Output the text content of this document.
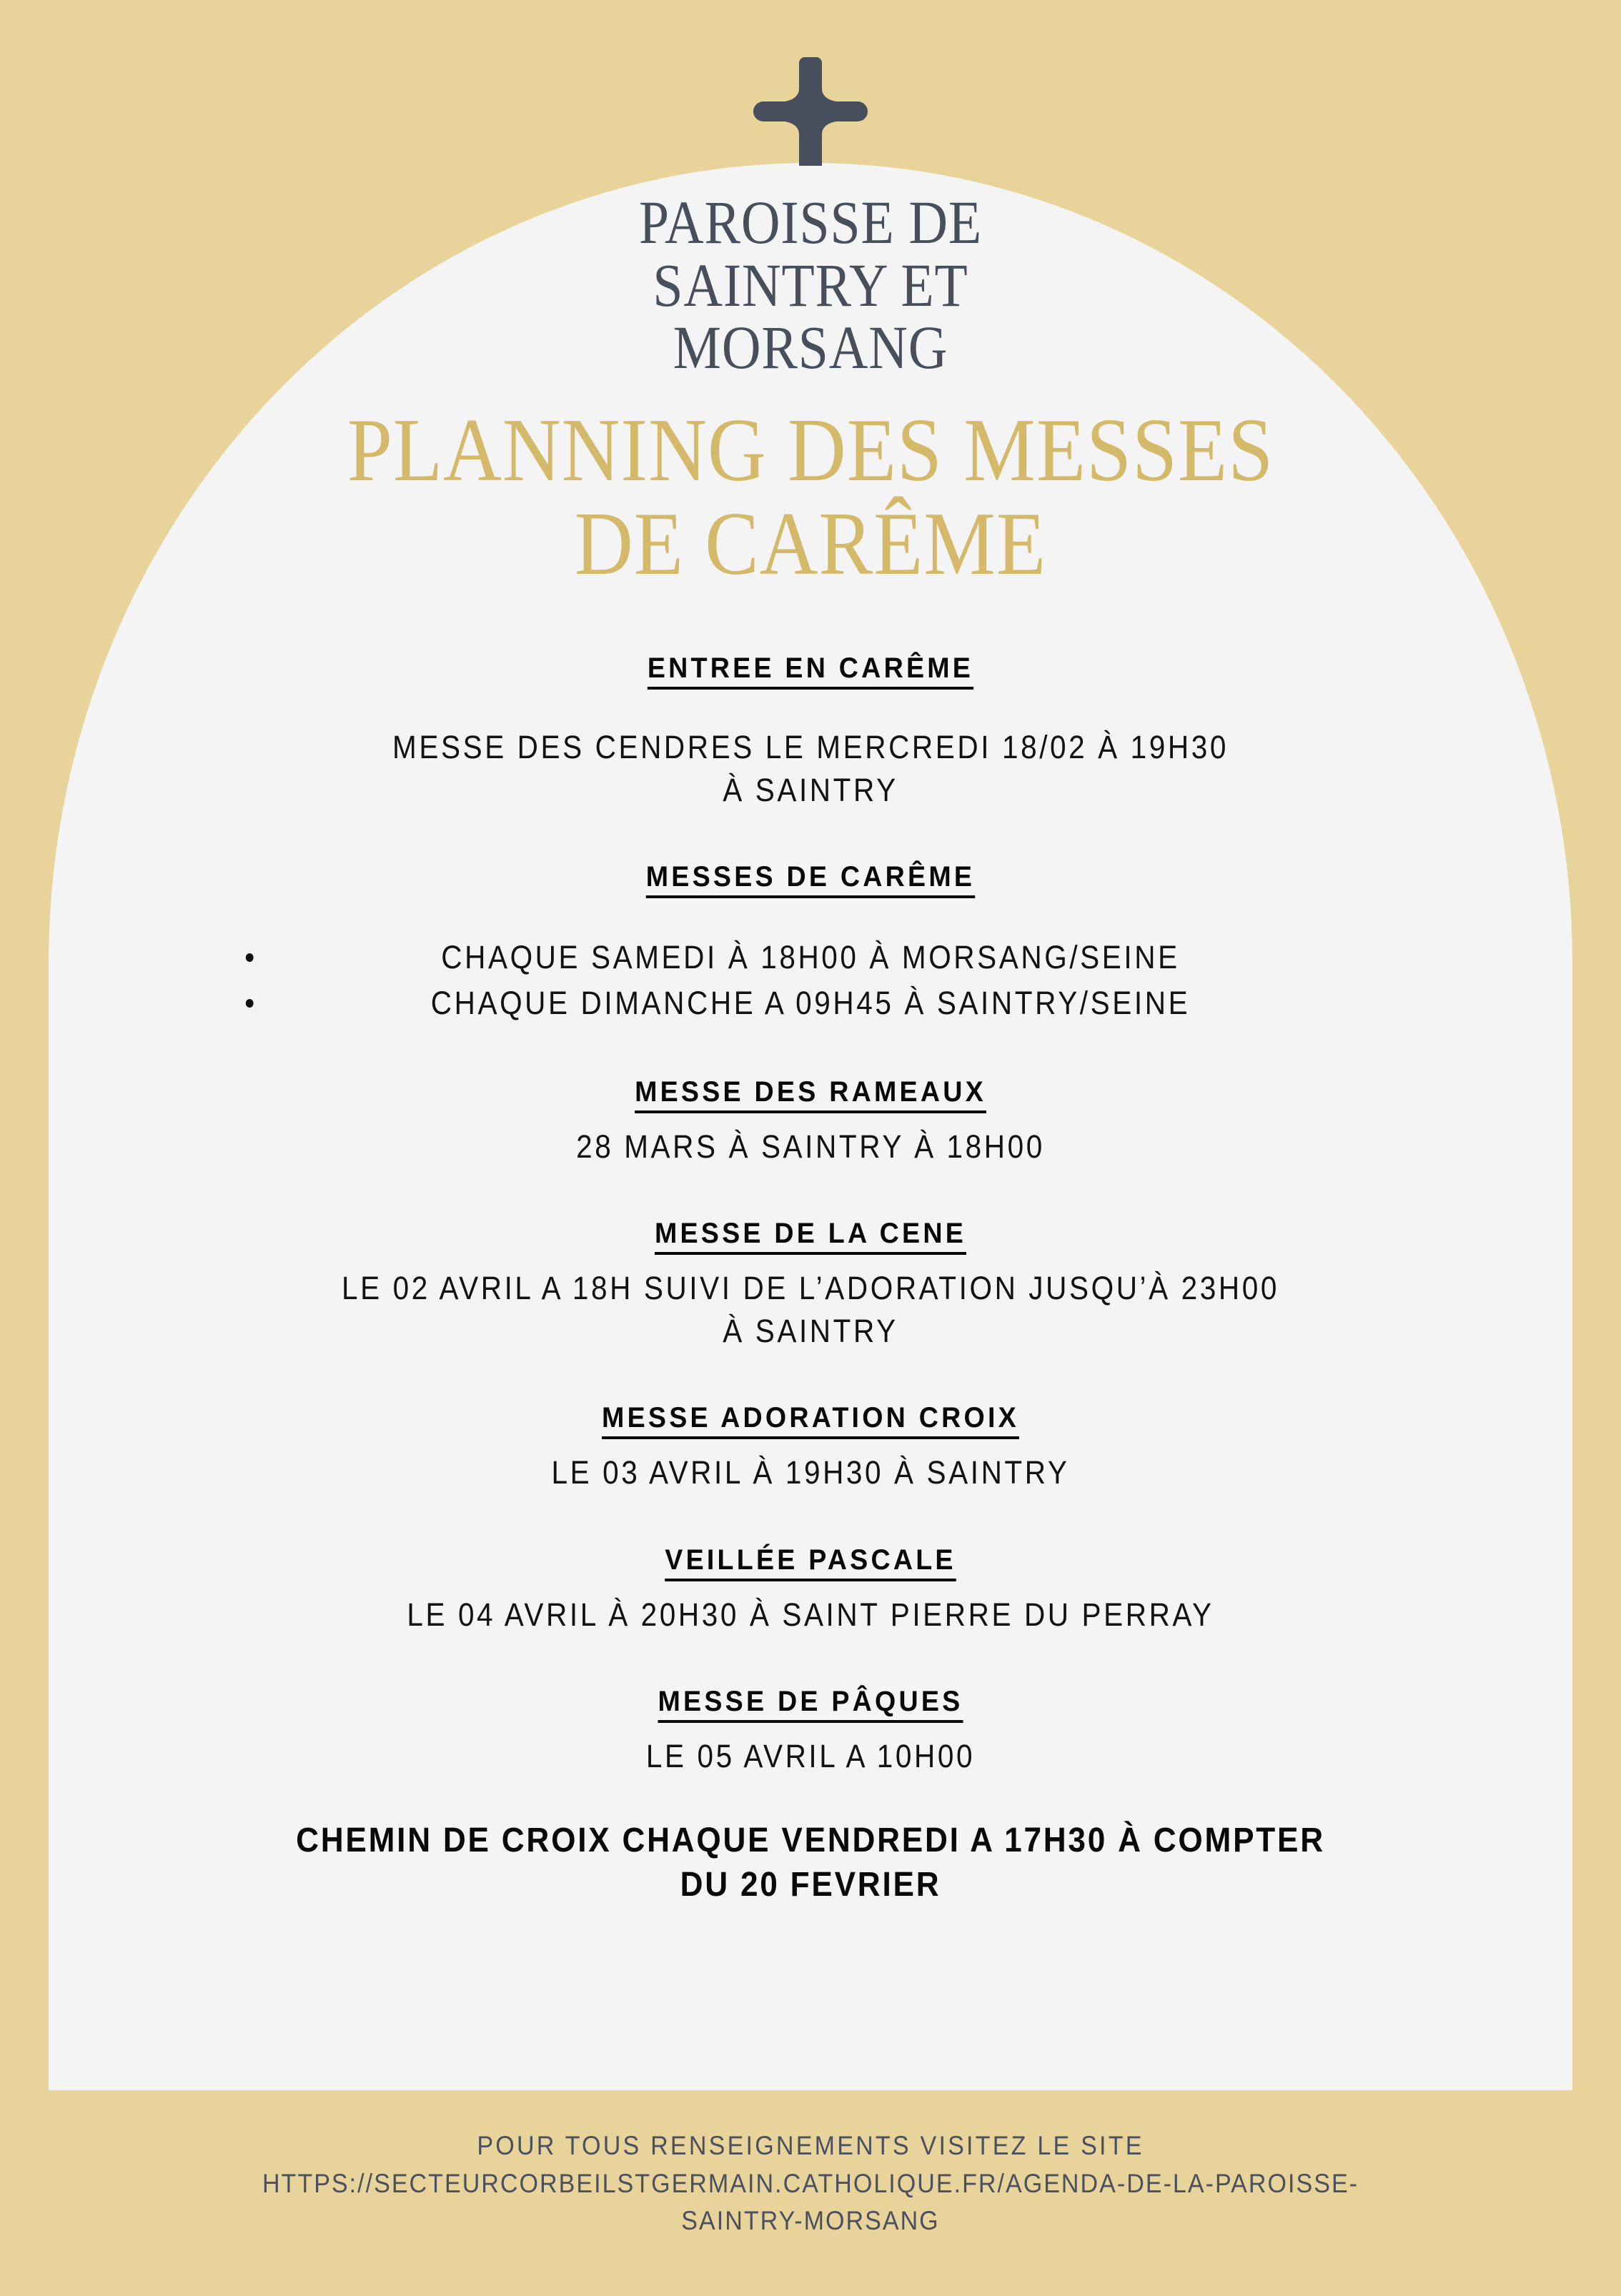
PAROISSE DE
SAINTRY ET
MORSANG
PLANNING DES MESSES
DE CARÊME

ENTREE EN CARÊME

MESSE DES CENDRES LE MERCREDI 18/02 À 19H30

À SAINTRY

MESSES DE CARÊME

CHAQUE SAMEDI À 18H00 À MORSANG/SEINE
CHAQUE DIMANCHE A 09H45 À SAINTRY/SEINE

MESSE DES RAMEAUX

28 MARS À SAINTRY À 18H00

MESSE DE LA CENE

LE 02 AVRIL A 18H SUIVI DE L’ADORATION JUSQU’À 23H00

À SAINTRY

MESSE ADORATION CROIX

LE 03 AVRIL À 19H30 À SAINTRY

VEILLÉE PASCALE

LE 04 AVRIL À 20H30 À SAINT PIERRE DU PERRAY

MESSE DE PÂQUES

LE 05 AVRIL A 10H00

CHEMIN DE CROIX CHAQUE VENDREDI A 17H30 À COMPTER

DU 20 FEVRIER

POUR TOUS RENSEIGNEMENTS VISITEZ LE SITE

HTTPS://SECTEURCORBEILSTGERMAIN.CATHOLIQUE.FR/AGENDA-DE-LA-PAROISSE-

SAINTRY-MORSANG
